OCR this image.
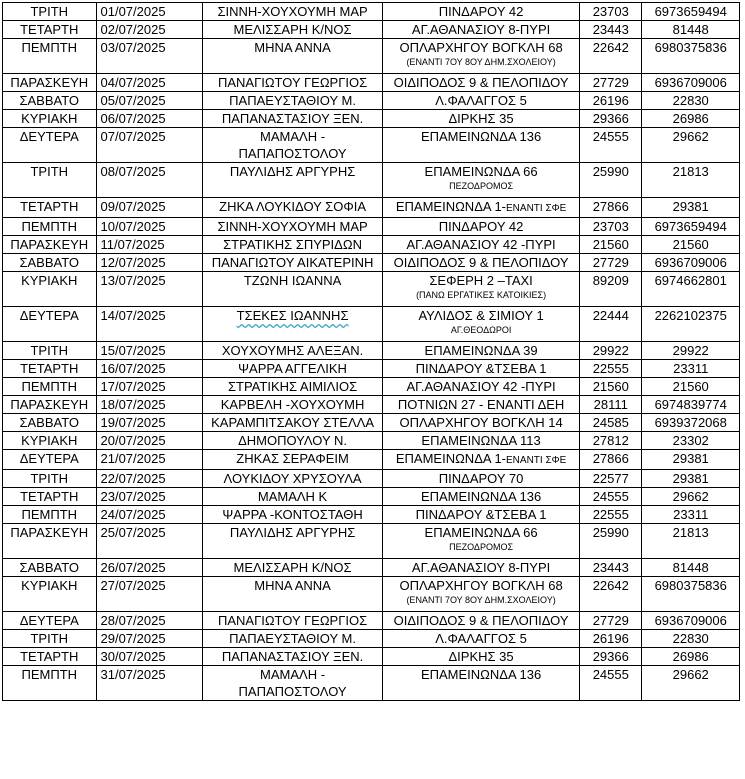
ΤΡΙΤΗ	01/07/2025	ΣΙΝΝΗ-ΧΟΥΧΟΥΜΗ ΜΑΡ	ΠΙΝΔΑΡΟΥ 42	23703	6973659494

ΤΕΤΑΡΤΗ	02/07/2025	ΜΕΛΙΣΣΑΡΗ Κ/ΝΟΣ	ΑΓ.ΑΘΑΝΑΣΙΟΥ 8-ΠΥΡΙ	23443	81448

ΠΕΜΠΤΗ	03/07/2025	ΜΗΝΑ ΑΝΝΑ	ΟΠΛΑΡΧΗΓΟΥ ΒΟΓΚΛΗ 68
(ΕΝΑΝΤΙ 7ΟΥ 8ΟΥ ΔΗΜ.ΣΧΟΛΕΙΟΥ)	22642	6980375836

ΠΑΡΑΣΚΕΥΗ	04/07/2025	ΠΑΝΑΓΙΩΤΟΥ ΓΕΩΡΓΙΟΣ	ΟΙΔΙΠΟΔΟΣ 9 & ΠΕΛΟΠΙΔΟΥ	27729	6936709006

ΣΑΒΒΑΤΟ	05/07/2025	ΠΑΠΑΕΥΣΤΑΘΙΟΥ Μ.	Λ.ΦΑΛΑΓΓΟΣ 5	26196	22830

ΚΥΡΙΑΚΗ	06/07/2025	ΠΑΠΑΝΑΣΤΑΣΙΟΥ ΞΕΝ.	ΔΙΡΚΗΣ 35	29366	26986

ΔΕΥΤΕΡΑ	07/07/2025	ΜΑΜΑΛΗ -
ΠΑΠΑΠΟΣΤΟΛΟΥ	ΕΠΑΜΕΙΝΩΝΔΑ 136	24555	29662

ΤΡΙΤΗ	08/07/2025	ΠΑΥΛΙΔΗΣ ΑΡΓΥΡΗΣ	ΕΠΑΜΕΙΝΩΝΔΑ 66
ΠΕΖΟΔΡΟΜΟΣ	25990	21813

ΤΕΤΑΡΤΗ	09/07/2025	ΖΗΚΑ ΛΟΥΚΙΔΟΥ ΣΟΦΙΑ	ΕΠΑΜΕΙΝΩΝΔΑ 1-ΕΝΑΝΤΙ ΣΦΕ	27866	29381

ΠΕΜΠΤΗ	10/07/2025	ΣΙΝΝΗ-ΧΟΥΧΟΥΜΗ ΜΑΡ	ΠΙΝΔΑΡΟΥ 42	23703	6973659494

ΠΑΡΑΣΚΕΥΗ	11/07/2025	ΣΤΡΑΤΙΚΗΣ ΣΠΥΡΙΔΩΝ	ΑΓ.ΑΘΑΝΑΣΙΟΥ 42 -ΠΥΡΙ	21560	21560

ΣΑΒΒΑΤΟ	12/07/2025	ΠΑΝΑΓΙΩΤΟΥ ΑΙΚΑΤΕΡΙΝΗ	ΟΙΔΙΠΟΔΟΣ 9 & ΠΕΛΟΠΙΔΟΥ	27729	6936709006

ΚΥΡΙΑΚΗ	13/07/2025	ΤΖΩΝΗ ΙΩΑΝΝΑ	ΣΕΦΕΡΗ 2 –ΤΑΧΙ
(ΠΑΝΩ ΕΡΓΑΤΙΚΕΣ ΚΑΤΟΙΚΙΕΣ)	89209	6974662801

ΔΕΥΤΕΡΑ	14/07/2025	ΤΣΕΚΕΣ ΙΩΑΝΝΗΣ	ΑΥΛΙΔΟΣ & ΣΙΜΙΟΥ 1
ΑΓ.ΘΕΟΔΩΡΟΙ	22444	2262102375

ΤΡΙΤΗ	15/07/2025	ΧΟΥΧΟΥΜΗΣ ΑΛΕΞΑΝ.	ΕΠΑΜΕΙΝΩΝΔΑ 39	29922	29922

ΤΕΤΑΡΤΗ	16/07/2025	ΨΑΡΡΑ ΑΓΓΕΛΙΚΗ	ΠΙΝΔΑΡΟΥ &ΤΣΕΒΑ 1	22555	23311

ΠΕΜΠΤΗ	17/07/2025	ΣΤΡΑΤΙΚΗΣ ΑΙΜΙΛΙΟΣ	ΑΓ.ΑΘΑΝΑΣΙΟΥ 42 -ΠΥΡΙ	21560	21560

ΠΑΡΑΣΚΕΥΗ	18/07/2025	ΚΑΡΒΕΛΗ -ΧΟΥΧΟΥΜΗ	ΠΟΤΝΙΩΝ 27 - ΕΝΑΝΤΙ ΔΕΗ	28111	6974839774

ΣΑΒΒΑΤΟ	19/07/2025	ΚΑΡΑΜΠΙΤΣΑΚΟΥ ΣΤΕΛΛΑ	ΟΠΛΑΡΧΗΓΟΥ ΒΟΓΚΛΗ 14	24585	6939372068

ΚΥΡΙΑΚΗ	20/07/2025	ΔΗΜΟΠΟΥΛΟΥ Ν.	ΕΠΑΜΕΙΝΩΝΔΑ 113	27812	23302

ΔΕΥΤΕΡΑ	21/07/2025	ΖΗΚΑΣ ΣΕΡΑΦΕΙΜ	ΕΠΑΜΕΙΝΩΝΔΑ 1-ΕΝΑΝΤΙ ΣΦΕ	27866	29381

ΤΡΙΤΗ	22/07/2025	ΛΟΥΚΙΔΟΥ ΧΡΥΣΟΥΛΑ	ΠΙΝΔΑΡΟΥ 70	22577	29381

ΤΕΤΑΡΤΗ	23/07/2025	ΜΑΜΑΛΗ Κ	ΕΠΑΜΕΙΝΩΝΔΑ 136	24555	29662

ΠΕΜΠΤΗ	24/07/2025	ΨΑΡΡΑ -ΚΟΝΤΟΣΤΑΘΗ	ΠΙΝΔΑΡΟΥ &ΤΣΕΒΑ 1	22555	23311

ΠΑΡΑΣΚΕΥΗ	25/07/2025	ΠΑΥΛΙΔΗΣ ΑΡΓΥΡΗΣ	ΕΠΑΜΕΙΝΩΝΔΑ 66
ΠΕΖΟΔΡΟΜΟΣ	25990	21813

ΣΑΒΒΑΤΟ	26/07/2025	ΜΕΛΙΣΣΑΡΗ Κ/ΝΟΣ	ΑΓ.ΑΘΑΝΑΣΙΟΥ 8-ΠΥΡΙ	23443	81448

ΚΥΡΙΑΚΗ	27/07/2025	ΜΗΝΑ ΑΝΝΑ	ΟΠΛΑΡΧΗΓΟΥ ΒΟΓΚΛΗ 68
(ΕΝΑΝΤΙ 7ΟΥ 8ΟΥ ΔΗΜ.ΣΧΟΛΕΙΟΥ)	22642	6980375836

ΔΕΥΤΕΡΑ	28/07/2025	ΠΑΝΑΓΙΩΤΟΥ ΓΕΩΡΓΙΟΣ	ΟΙΔΙΠΟΔΟΣ 9 & ΠΕΛΟΠΙΔΟΥ	27729	6936709006

ΤΡΙΤΗ	29/07/2025	ΠΑΠΑΕΥΣΤΑΘΙΟΥ Μ.	Λ.ΦΑΛΑΓΓΟΣ 5	26196	22830

ΤΕΤΑΡΤΗ	30/07/2025	ΠΑΠΑΝΑΣΤΑΣΙΟΥ ΞΕΝ.	ΔΙΡΚΗΣ 35	29366	26986

ΠΕΜΠΤΗ	31/07/2025	ΜΑΜΑΛΗ -
ΠΑΠΑΠΟΣΤΟΛΟΥ	ΕΠΑΜΕΙΝΩΝΔΑ 136	24555	29662
